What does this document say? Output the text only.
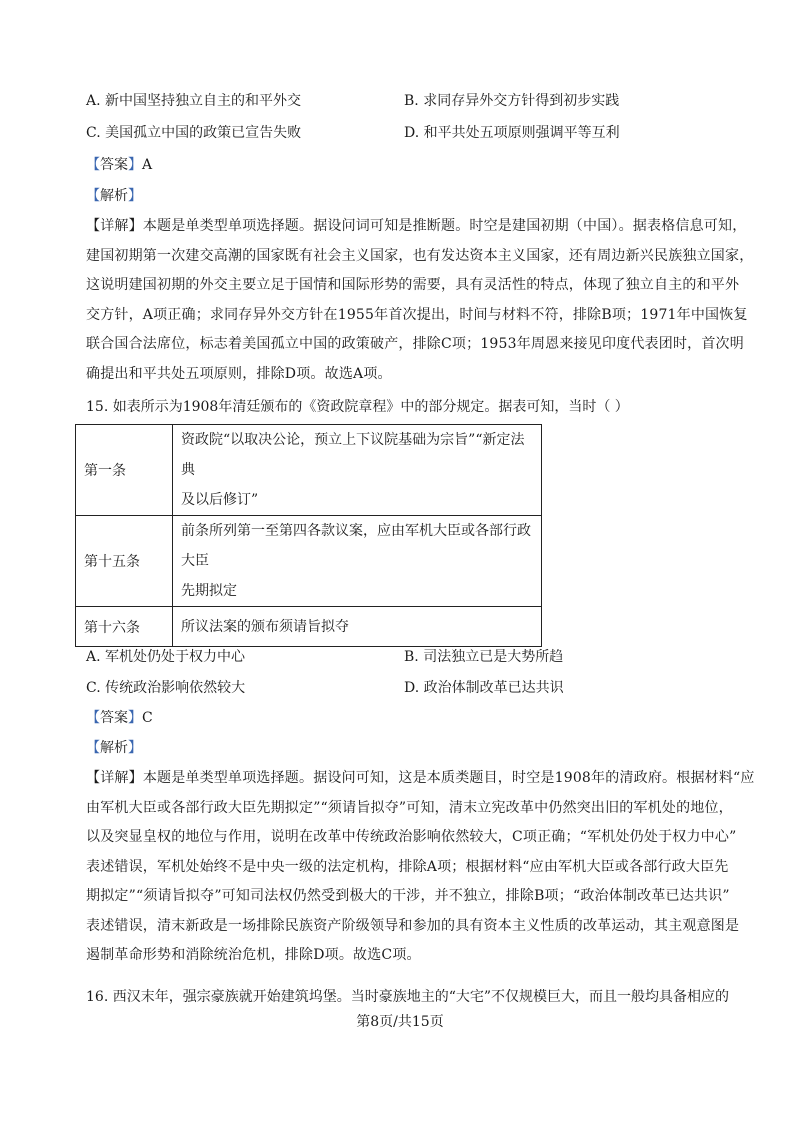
A. 新中国坚持独立自主的和平外交	B. 求同存异外交方针得到初步实践
C. 美国孤立中国的政策已宣告失败	D. 和平共处五项原则强调平等互利
【答案】A
【解析】
【详解】本题是单类型单项选择题。据设问词可知是推断题。时空是建国初期（中国）。据表格信息可知，
建国初期第一次建交高潮的国家既有社会主义国家，也有发达资本主义国家，还有周边新兴民族独立国家，
这说明建国初期的外交主要立足于国情和国际形势的需要，具有灵活性的特点，体现了独立自主的和平外
交方针，A项正确；求同存异外交方针在1955年首次提出，时间与材料不符，排除B项；1971年中国恢复
联合国合法席位，标志着美国孤立中国的政策破产，排除C项；1953年周恩来接见印度代表团时，首次明
确提出和平共处五项原则，排除D项。故选A项。
15. 如表所示为1908年清廷颁布的《资政院章程》中的部分规定。据表可知，当时（ ）
第一条	资政院“以取决公论，预立上下议院基础为宗旨”“新定法典
及以后修订”

第十五条	前条所列第一至第四各款议案，应由军机大臣或各部行政大臣
先期拟定

第十六条	所议法案的颁布须请旨拟夺
A. 军机处仍处于权力中心	B. 司法独立已是大势所趋
C. 传统政治影响依然较大	D. 政治体制改革已达共识
【答案】C
【解析】
【详解】本题是单类型单项选择题。据设问可知，这是本质类题目，时空是1908年的清政府。根据材料“应
由军机大臣或各部行政大臣先期拟定”“须请旨拟夺”可知，清末立宪改革中仍然突出旧的军机处的地位，
以及突显皇权的地位与作用，说明在改革中传统政治影响依然较大，C项正确；“军机处仍处于权力中心”
表述错误，军机处始终不是中央一级的法定机构，排除A项；根据材料“应由军机大臣或各部行政大臣先
期拟定”“须请旨拟夺”可知司法权仍然受到极大的干涉，并不独立，排除B项；“政治体制改革已达共识”
表述错误，清末新政是一场排除民族资产阶级领导和参加的具有资本主义性质的改革运动，其主观意图是
遏制革命形势和消除统治危机，排除D项。故选C项。
16. 西汉末年，强宗豪族就开始建筑坞堡。当时豪族地主的“大宅”不仅规模巨大，而且一般均具备相应的
第8页/共15页
